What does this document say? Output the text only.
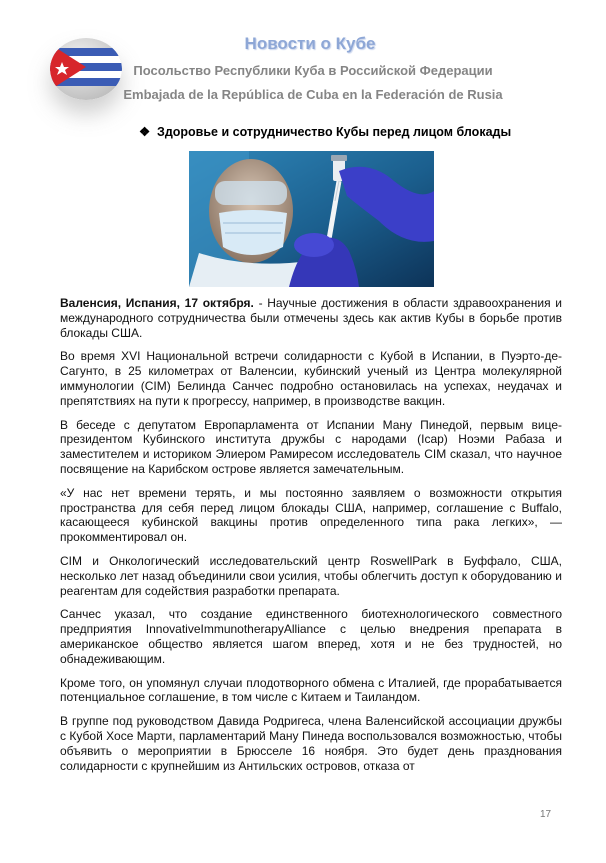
Новости о Кубе
Посольство Республики Куба в Российской Федерации
Embajada de la República de Cuba en la Federación de Rusia
❖ Здоровье и сотрудничество Кубы перед лицом блокады

Валенсия, Испания, 17 октября. - Научные достижения в области здравоохранения и международного сотрудничества были отмечены здесь как актив Кубы в борьбе против блокады США.

Во время XVI Национальной встречи солидарности с Кубой в Испании, в Пуэрто-де-Сагунто, в 25 километрах от Валенсии, кубинский ученый из Центра молекулярной иммунологии (CIM) Белинда Санчес подробно остановилась на успехах, неудачах и препятствиях на пути к прогрессу, например, в производстве вакцин.

В беседе с депутатом Европарламента от Испании Ману Пинедой, первым вице-президентом Кубинского института дружбы с народами (Icap) Ноэми Рабаза и заместителем и историком Элиером Рамиресом исследователь CIM сказал, что научное посвящение на Карибском острове является замечательным.

«У нас нет времени терять, и мы постоянно заявляем о возможности открытия пространства для себя перед лицом блокады США, например, соглашение с Buffalo, касающееся кубинской вакцины против определенного типа рака легких», — прокомментировал он.

CIM и Онкологический исследовательский центр RoswellPark в Буффало, США, несколько лет назад объединили свои усилия, чтобы облегчить доступ к оборудованию и реагентам для содействия разработки препарата.

Санчес указал, что создание единственного биотехнологического совместного предприятия InnovativeImmunotherapyAlliance с целью внедрения препарата в американское общество является шагом вперед, хотя и не без трудностей, но обнадеживающим.

Кроме того, он упомянул случаи плодотворного обмена с Италией, где прорабатывается потенциальное соглашение, в том числе с Китаем и Таиландом.

В группе под руководством Давида Родригеса, члена Валенсийской ассоциации дружбы с Кубой Хосе Марти, парламентарий Ману Пинеда воспользовался возможностью, чтобы объявить о мероприятии в Брюсселе 16 ноября. Это будет день празднования солидарности с крупнейшим из Антильских островов, отказа от

17
